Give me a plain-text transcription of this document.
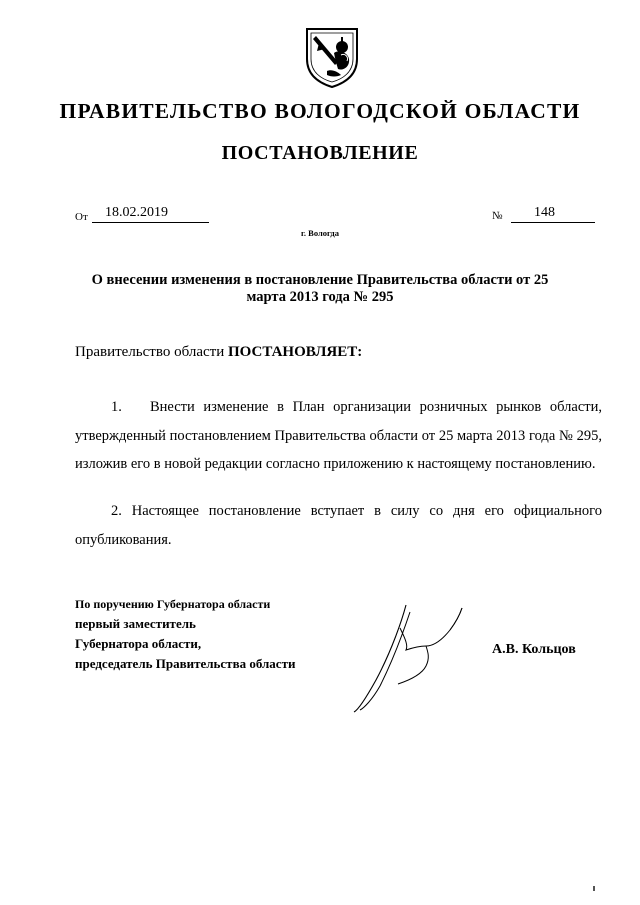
ПРАВИТЕЛЬСТВО ВОЛОГОДСКОЙ ОБЛАСТИ
ПОСТАНОВЛЕНИЕ
От	18.02.2019	№	148
г. Вологда
О внесении изменения в постановление Правительства области от 25 марта 2013 года № 295
Правительство области ПОСТАНОВЛЯЕТ:
1. Внести изменение в План организации розничных рынков области, утвержденный постановлением Правительства области от 25 марта 2013 года № 295, изложив его в новой редакции согласно приложению к настоящему постановлению.
2. Настоящее постановление вступает в силу со дня его официального опубликования.
По поручению Губернатора области
первый заместитель
Губернатора области,
председатель Правительства области
А.В. Кольцов
